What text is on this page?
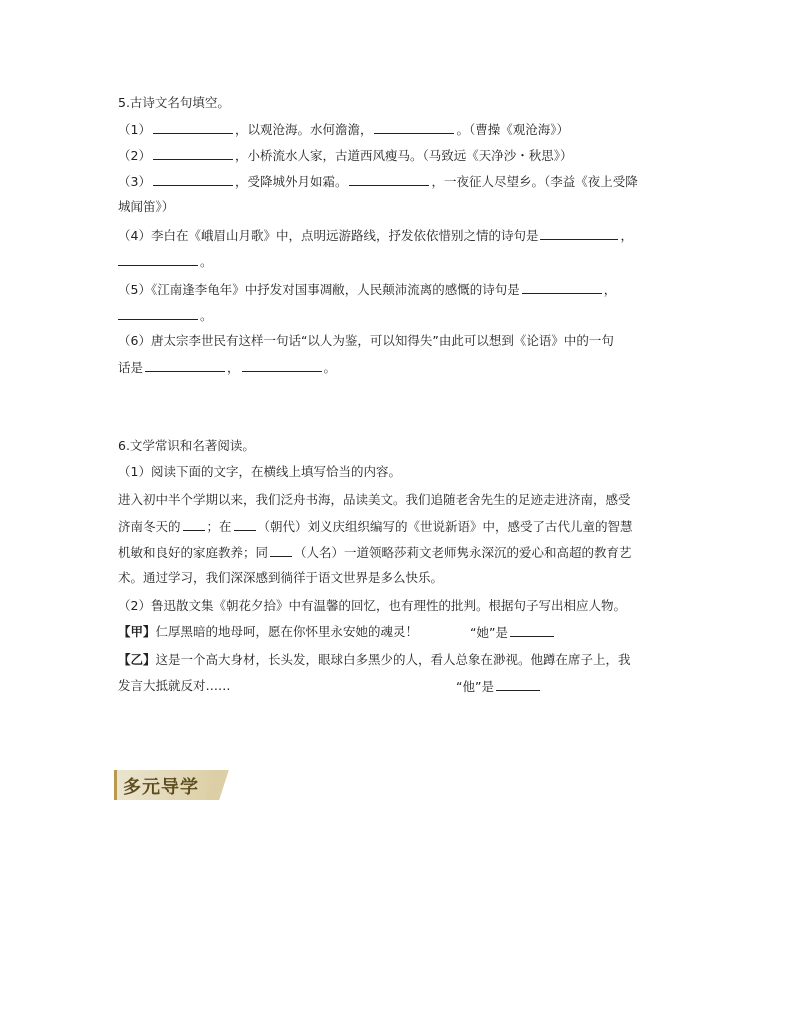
5.古诗文名句填空。
（1）	，以观沧海。水何澹澹，	。（曹操《观沧海》）
（2）	，小桥流水人家，古道西风瘦马。（马致远《天净沙・秋思》）
（3）	，受降城外月如霜。	，一夜征人尽望乡。（李益《夜上受降
城闻笛》）
（4）李白在《峨眉山月歌》中，点明远游路线，抒发依依惜别之情的诗句是	，
。
（5）《江南逢李龟年》中抒发对国事凋敝，人民颠沛流离的感慨的诗句是	，
。
（6）唐太宗李世民有这样一句话“以人为鉴，可以知得失”由此可以想到《论语》中的一句
话是	，	。
6.文学常识和名著阅读。
（1）阅读下面的文字，在横线上填写恰当的内容。
进入初中半个学期以来，我们泛舟书海，品读美文。我们追随老舍先生的足迹走进济南，感受
济南冬天的 ；在 （朝代）刘义庆组织编写的《世说新语》中，感受了古代儿童的智慧
机敏和良好的家庭教养；同 （人名）一道领略莎莉文老师隽永深沉的爱心和高超的教育艺
术。通过学习，我们深深感到徜徉于语文世界是多么快乐。
（2）鲁迅散文集《朝花夕拾》中有温馨的回忆，也有理性的批判。根据句子写出相应人物。
【甲】仁厚黑暗的地母呵，愿在你怀里永安她的魂灵！	“她”是
【乙】这是一个高大身材，长头发，眼球白多黑少的人，看人总象在渺视。他蹲在席子上，我
发言大抵就反对……	“他”是
多元导学
